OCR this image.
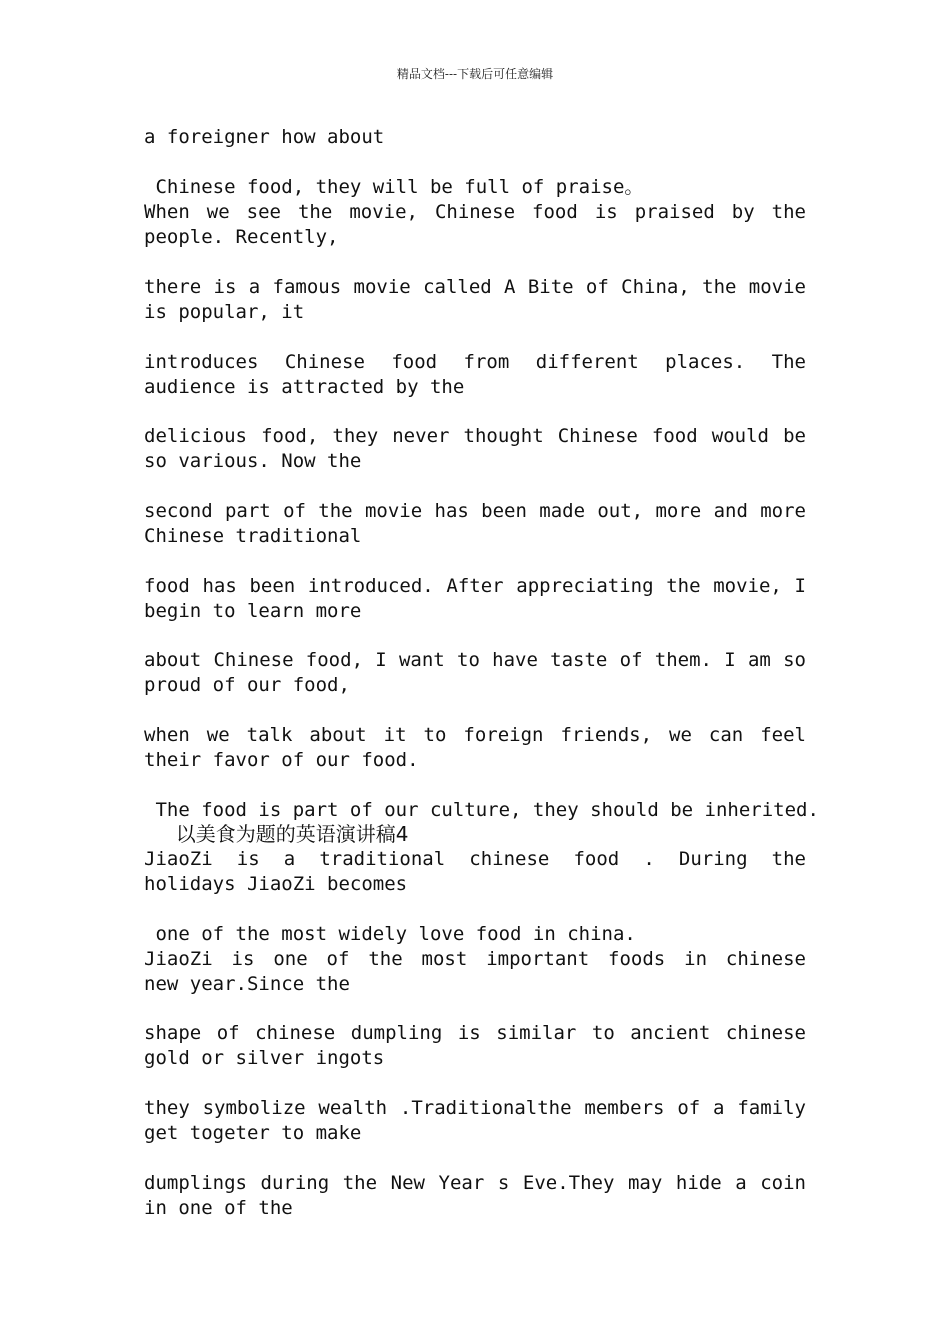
精品文档---下载后可任意编辑
a foreigner how about
Chinese food, they will be full of praise。
When we see the movie, Chinese food is praised by the
people. Recently,
there is a famous movie called A Bite of China, the movie
is popular, it
introduces Chinese food from different places. The
audience is attracted by the
delicious food, they never thought Chinese food would be
so various. Now the
second part of the movie has been made out, more and more
Chinese traditional
food has been introduced. After appreciating the movie, I
begin to learn more
about Chinese food, I want to have taste of them. I am so
proud of our food,
when we talk about it to foreign friends, we can feel
their favor of our food.
The food is part of our culture, they should be inherited.
以美食为题的英语演讲稿4
JiaoZi is a traditional chinese food . During the
holidays JiaoZi becomes
one of the most widely love food in china.
JiaoZi is one of the most important foods in chinese
new year.Since the
shape of chinese dumpling is similar to ancient chinese
gold or silver ingots
they symbolize wealth .Traditionalthe members of a family
get togeter to make
dumplings during the New Year s Eve.They may hide a coin
in one of the
